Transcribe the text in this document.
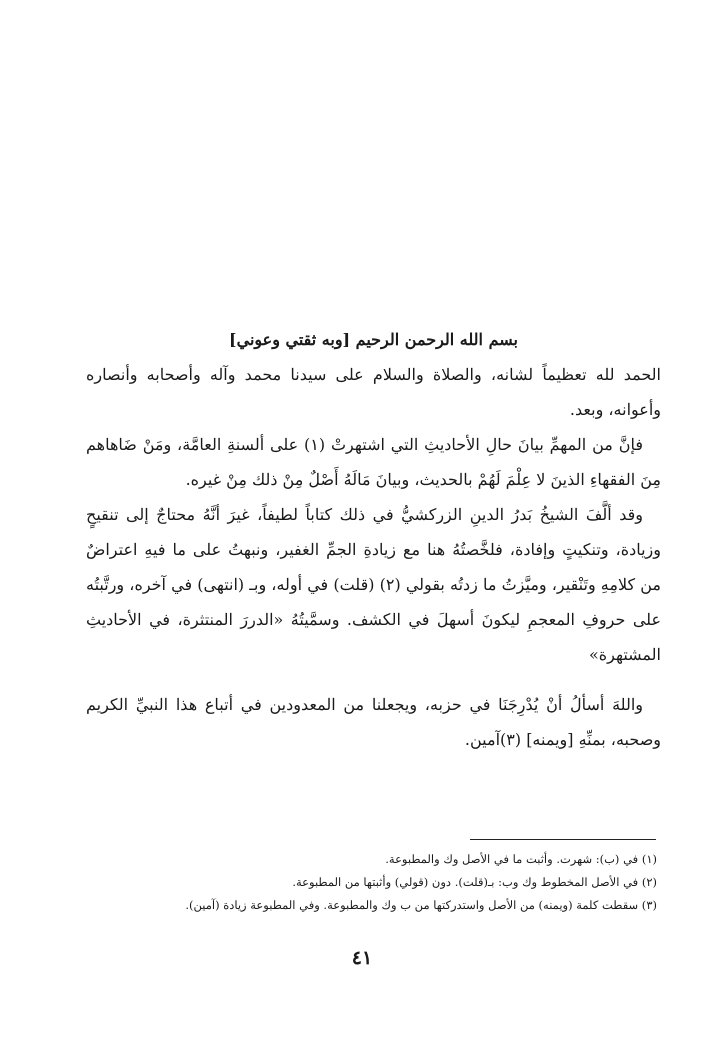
بسم الله الرحمن الرحيم [وبه ثقتي وعوني]

الحمد لله تعظيماً لشانه، والصلاة والسلام على سيدنا محمد وآله وأصحابه وأنصاره وأعوانه، وبعد.

فإنَّ من المهمِّ بيانَ حالِ الأحاديثِ التي اشتهرتْ (١) على ألسنةِ العامَّة، ومَنْ ضَاهاهم مِنَ الفقهاءِ الذينَ لا عِلْمَ لَهُمْ بالحديث، وبيانَ مَالَهُ أَصْلٌ مِنْ ذلك مِنْ غيره.

وقد ألَّفَ الشيخُ بَدرُ الدينِ الزركشيُّ في ذلك كتاباً لطيفاً، غيرَ أنَّهُ محتاجٌ إلى تنقيحٍ وزيادة، وتنكيتٍ وإفادة، فلخَّصتُهُ هنا مع زيادةِ الجمِّ الغفير، ونبهتُ على ما فيهِ اعتراضٌ من كلامِهِ وتَنْقير، وميَّزتُ ما زدتُه بقولي (٢) (قلت) في أوله، وبـ (انتهى) في آخره، ورتَّبتُه على حروفِ المعجمِ ليكونَ أسهلَ في الكشف. وسمَّيتُهُ «الدررَ المنتثرة، في الأحاديثِ المشتهرة»

واللهَ أسألُ أنْ يُدْرِجَنَا في حزبه، ويجعلنا من المعدودين في أتباع هذا النبيِّ الكريم وصحبه، بمنِّهِ [ويمنه] (٣)آمين.

(١) في (ب): شهرت. وأثبت ما في الأصل وك والمطبوعة.

(٢) في الأصل المخطوط وك وب: بـ(قلت). دون (قولي) وأثبتها من المطبوعة.

(٣) سقطت كلمة (ويمنه) من الأصل واستدركتها من ب وك والمطبوعة. وفي المطبوعة زيادة (آمين).

٤١
